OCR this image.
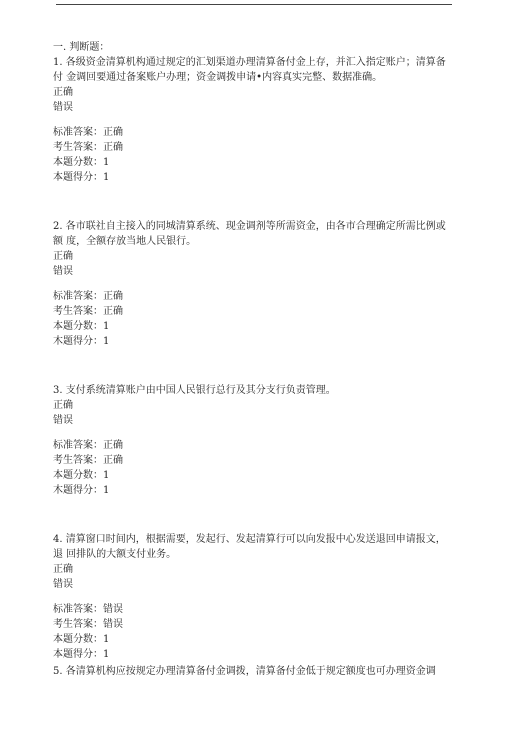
一. 判断题：
1. 各级资金清算机构通过规定的汇划渠道办理清算备付金上存，并汇入指定账户；清算备
付 金调回要通过备案账户办理；资金调拨申请•内容真实完整、数据准确。
正确
错误
标准答案：正确
考生答案：正确
本题分数：1
本题得分：1
2. 各市联社自主接入的同城清算系统、现金调剂等所需资金，由各市合理确定所需比例或
额 度，全额存放当地人民银行。
正确
错误
标准答案：正确
考生答案：正确
本题分数：1
木题得分：1
3. 支付系统清算账户由中国人民银行总行及其分支行负责管理。
正确
错误
标准答案：正确
考生答案：正确
本题分数：1
木题得分：1
4. 清算窗口时间内，根据需要，发起行、发起清算行可以向发报中心发送退回申请报文，
退 回排队的大额支付业务。
正确
错误
标准答案：错误
考生答案：错误
本题分数：1
本题得分：1
5. 各清算机构应按规定办理清算备付金调拨，清算备付金低于规定额度也可办理资金调
